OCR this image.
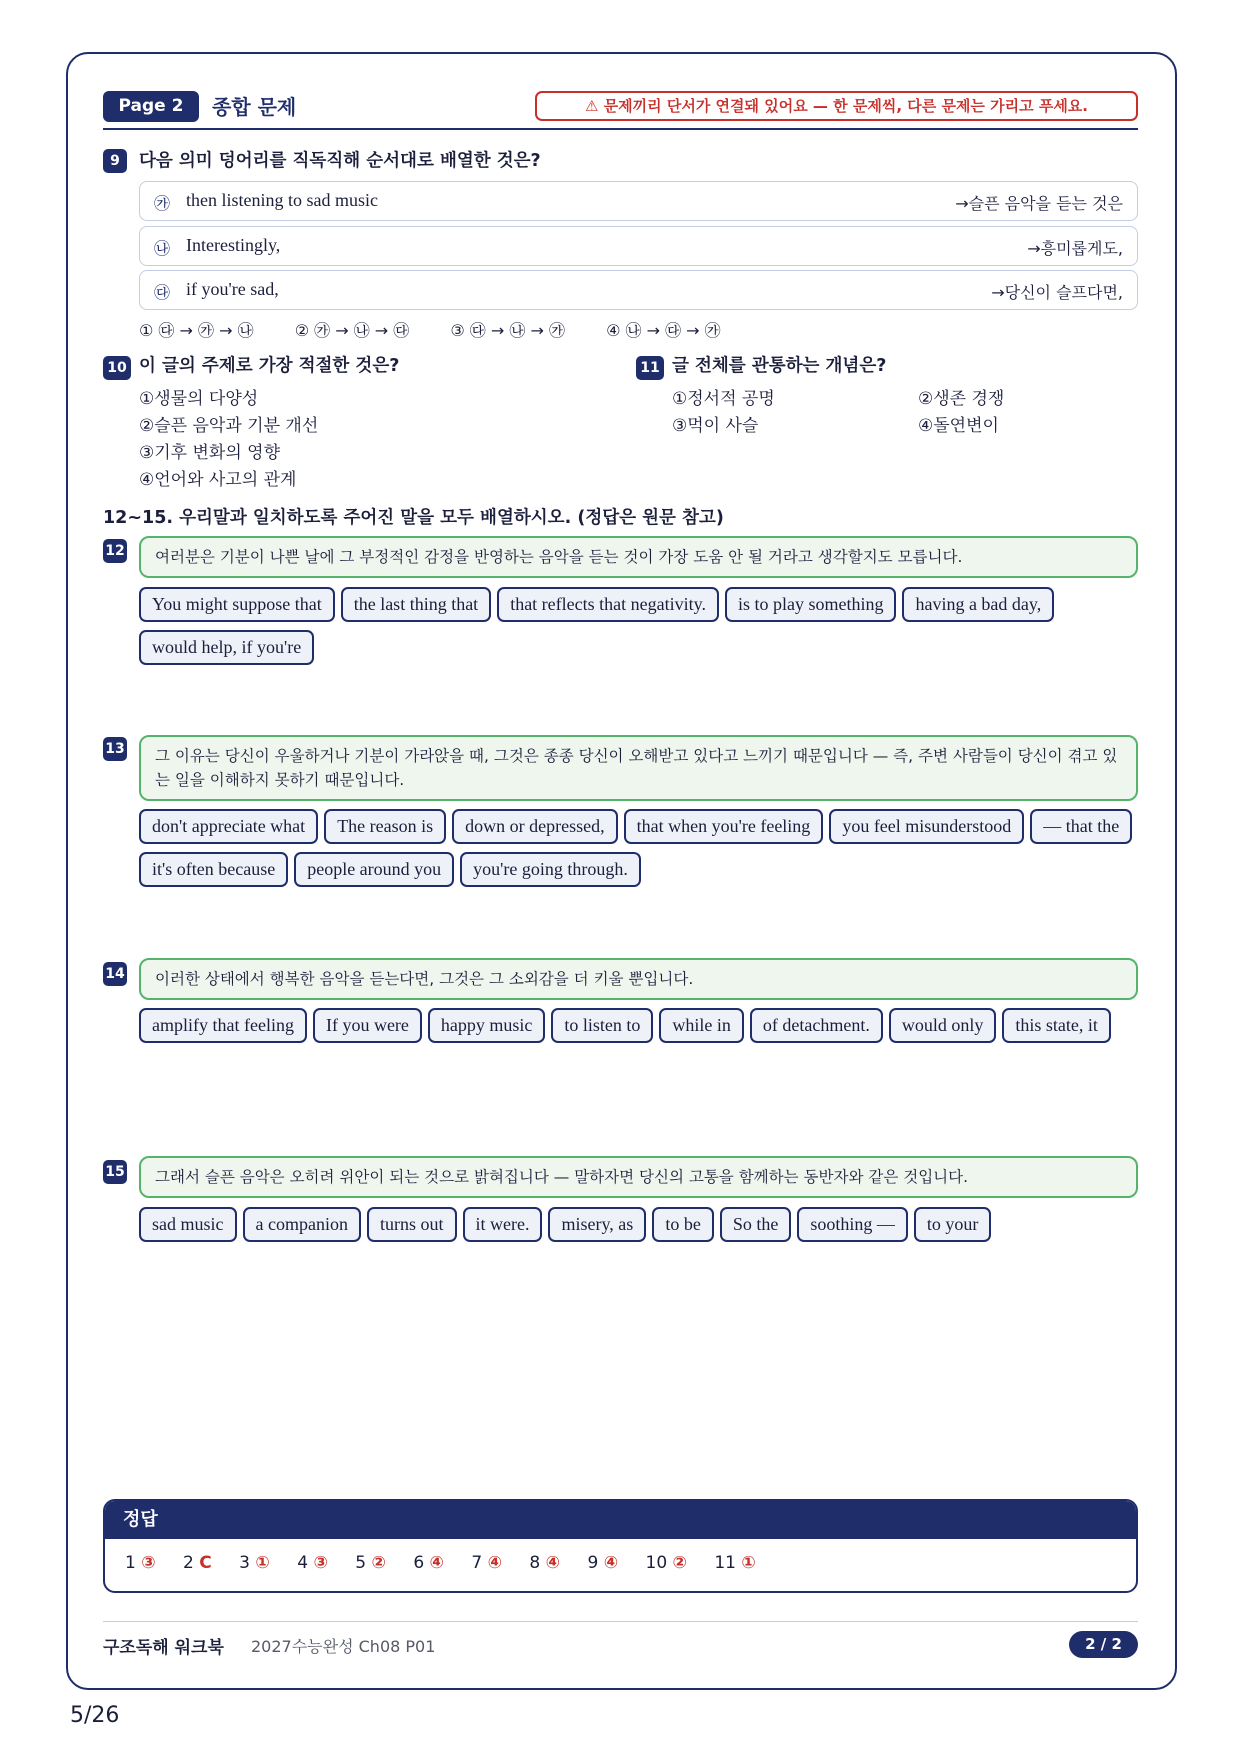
Page 2	종합 문제	⚠ 문제끼리 단서가 연결돼 있어요 — 한 문제씩, 다른 문제는 가리고 푸세요.
9	다음 의미 덩어리를 직독직해 순서대로 배열한 것은?
㉮ then listening to sad music	→슬픈 음악을 듣는 것은
㉯ Interestingly,	→흥미롭게도,
㉰ if you're sad,	→당신이 슬프다면,
① ㉰ → ㉮ → ㉯	② ㉮ → ㉯ → ㉰	③ ㉰ → ㉯ → ㉮	④ ㉯ → ㉰ → ㉮
10 이 글의 주제로 가장 적절한 것은?
①생물의 다양성
②슬픈 음악과 기분 개선
③기후 변화의 영향
④언어와 사고의 관계
11 글 전체를 관통하는 개념은?
①정서적 공명	②생존 경쟁
③먹이 사슬	④돌연변이
12~15. 우리말과 일치하도록 주어진 말을 모두 배열하시오. (정답은 원문 참고)
12	여러분은 기분이 나쁜 날에 그 부정적인 감정을 반영하는 음악을 듣는 것이 가장 도움 안 될 거라고 생각할지도 모릅니다.
You might suppose that	the last thing that	that reflects that negativity.	is to play something	having a bad day,
would help, if you're
13	그 이유는 당신이 우울하거나 기분이 가라앉을 때, 그것은 종종 당신이 오해받고 있다고 느끼기 때문입니다 — 즉, 주변 사람들이 당신이 겪고 있는 일을 이해하지 못하기 때문입니다.
don't appreciate what	The reason is	down or depressed,	that when you're feeling	you feel misunderstood	— that the
it's often because	people around you	you're going through.
14	이러한 상태에서 행복한 음악을 듣는다면, 그것은 그 소외감을 더 키울 뿐입니다.
amplify that feeling	If you were	happy music	to listen to	while in	of detachment.	would only	this state, it
15	그래서 슬픈 음악은 오히려 위안이 되는 것으로 밝혀집니다 — 말하자면 당신의 고통을 함께하는 동반자와 같은 것입니다.
sad music	a companion	turns out	it were.	misery, as	to be	So the	soothing —	to your
정답
1 ③ 2 C 3 ① 4 ③ 5 ② 6 ④ 7 ④ 8 ④ 9 ④ 10 ② 11 ①
구조독해 워크북 2027수능완성 Ch08 P01	2 / 2
5/26
